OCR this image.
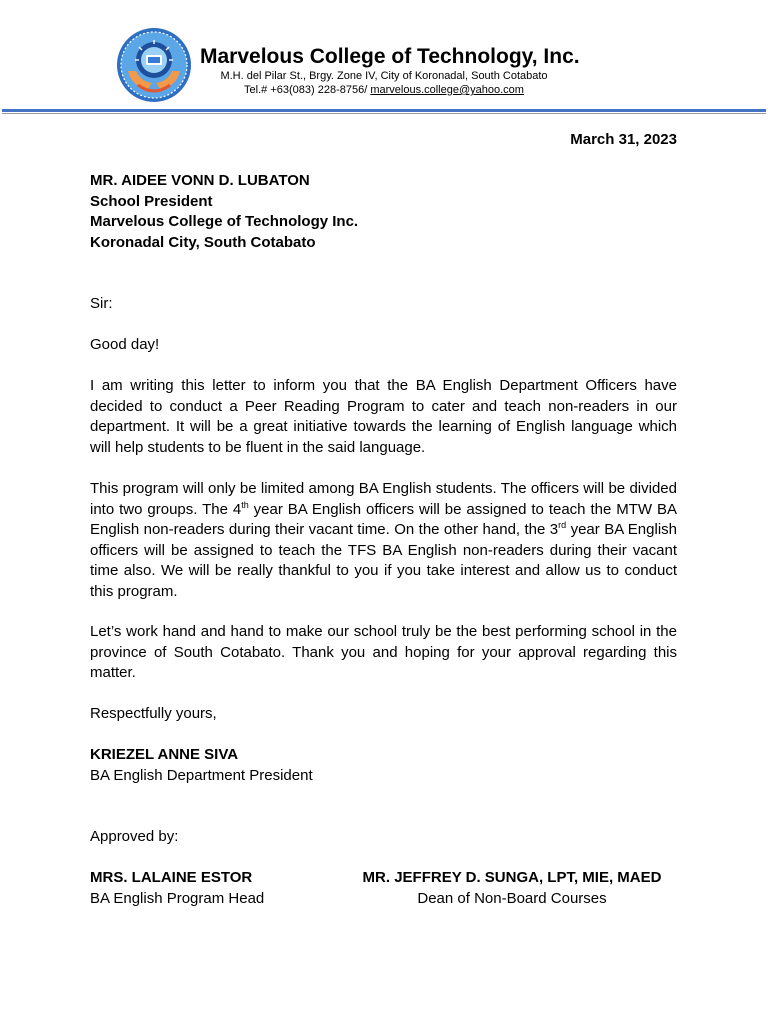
Marvelous College of Technology, Inc.
M.H. del Pilar St., Brgy. Zone IV, City of Koronadal, South Cotabato
Tel.# +63(083) 228-8756/ marvelous.college@yahoo.com
March 31, 2023
MR. AIDEE VONN D. LUBATON
School President
Marvelous College of Technology Inc.
Koronadal City, South Cotabato
Sir:
Good day!
I am writing this letter to inform you that the BA English Department Officers have decided to conduct a Peer Reading Program to cater and teach non-readers in our department. It will be a great initiative towards the learning of English language which will help students to be fluent in the said language.
This program will only be limited among BA English students. The officers will be divided into two groups. The 4th year BA English officers will be assigned to teach the MTW BA English non-readers during their vacant time. On the other hand, the 3rd year BA English officers will be assigned to teach the TFS BA English non-readers during their vacant time also. We will be really thankful to you if you take interest and allow us to conduct this program.
Let’s work hand and hand to make our school truly be the best performing school in the province of South Cotabato. Thank you and hoping for your approval regarding this matter.
Respectfully yours,
KRIEZEL ANNE SIVA
BA English Department President
Approved by:
MRS. LALAINE ESTOR
BA English Program Head
MR. JEFFREY D. SUNGA, LPT, MIE, MAED
Dean of Non-Board Courses
